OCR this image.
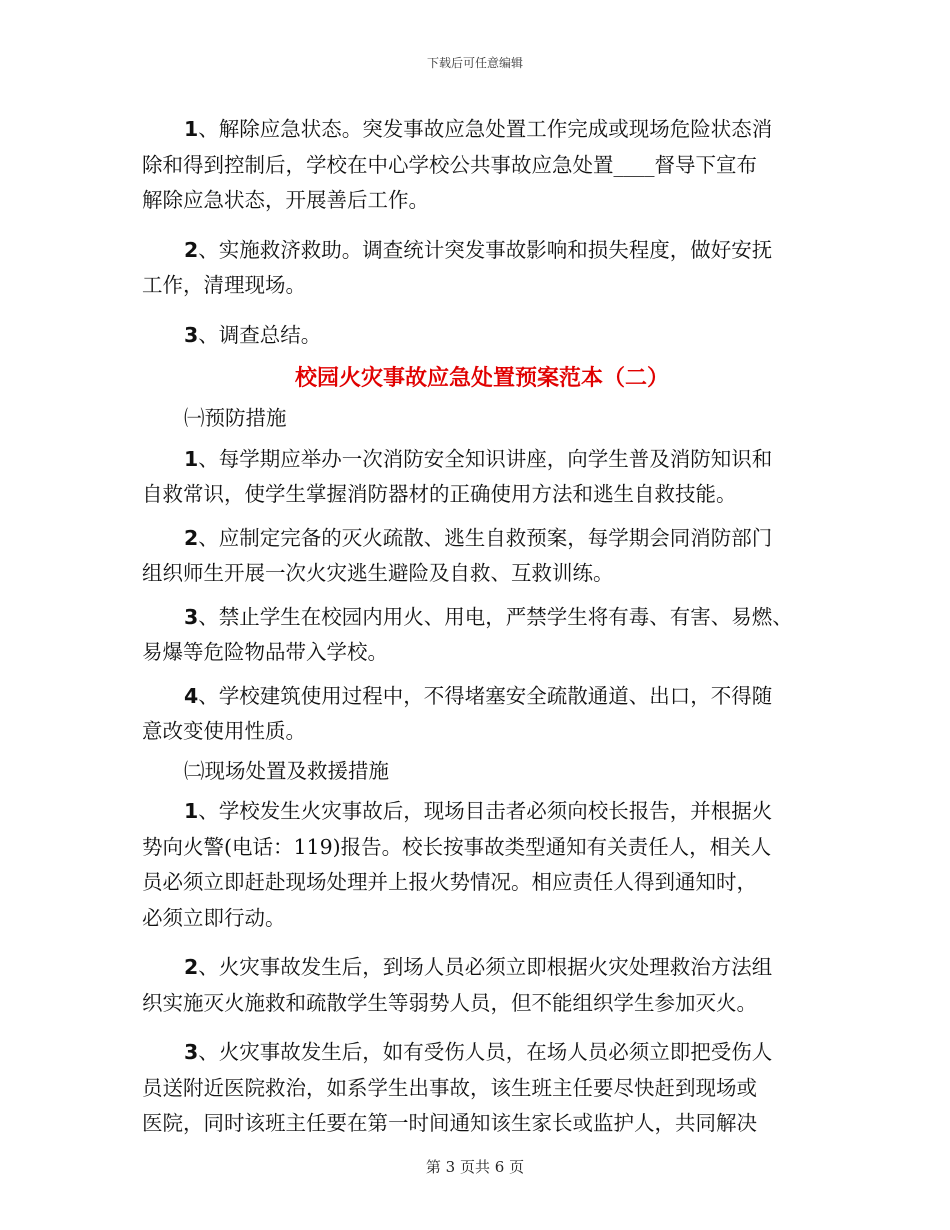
下载后可任意编辑

1、解除应急状态。突发事故应急处置工作完成或现场危险状态消

除和得到控制后，学校在中心学校公共事故应急处置____督导下宣布

解除应急状态，开展善后工作。

2、实施救济救助。调查统计突发事故影响和损失程度，做好安抚

工作，清理现场。

3、调查总结。

校园火灾事故应急处置预案范本（二）

㈠预防措施

1、每学期应举办一次消防安全知识讲座，向学生普及消防知识和

自救常识，使学生掌握消防器材的正确使用方法和逃生自救技能。

2、应制定完备的灭火疏散、逃生自救预案，每学期会同消防部门

组织师生开展一次火灾逃生避险及自救、互救训练。

3、禁止学生在校园内用火、用电，严禁学生将有毒、有害、易燃、

易爆等危险物品带入学校。

4、学校建筑使用过程中，不得堵塞安全疏散通道、出口，不得随

意改变使用性质。

㈡现场处置及救援措施

1、学校发生火灾事故后，现场目击者必须向校长报告，并根据火

势向火警(电话：119)报告。校长按事故类型通知有关责任人，相关人

员必须立即赶赴现场处理并上报火势情况。相应责任人得到通知时，

必须立即行动。

2、火灾事故发生后，到场人员必须立即根据火灾处理救治方法组

织实施灭火施救和疏散学生等弱势人员，但不能组织学生参加灭火。

3、火灾事故发生后，如有受伤人员，在场人员必须立即把受伤人

员送附近医院救治，如系学生出事故，该生班主任要尽快赶到现场或

医院，同时该班主任要在第一时间通知该生家长或监护人，共同解决

第 3 页共 6 页
